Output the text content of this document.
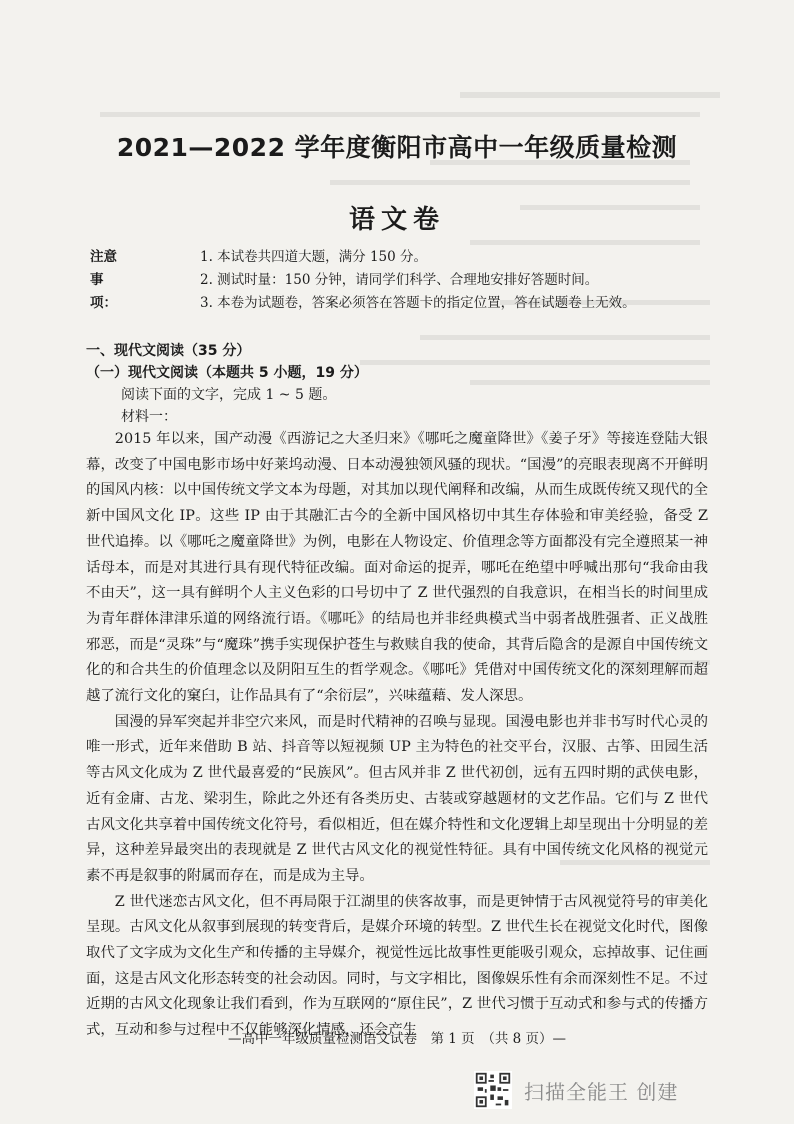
2021—2022 学年度衡阳市高中一年级质量检测
语文卷
注意事项：
1. 本试卷共四道大题，满分 150 分。
2. 测试时量：150 分钟，请同学们科学、合理地安排好答题时间。
3. 本卷为试题卷，答案必须答在答题卡的指定位置，答在试题卷上无效。
一、现代文阅读（35 分）
（一）现代文阅读（本题共 5 小题，19 分）
阅读下面的文字，完成 1 ~ 5 题。
材料一：

2015 年以来，国产动漫《西游记之大圣归来》《哪吒之魔童降世》《姜子牙》等接连登陆大银幕，改变了中国电影市场中好莱坞动漫、日本动漫独领风骚的现状。“国漫”的亮眼表现离不开鲜明的国风内核：以中国传统文学文本为母题，对其加以现代阐释和改编，从而生成既传统又现代的全新中国风文化 IP。这些 IP 由于其融汇古今的全新中国风格切中其生存体验和审美经验，备受 Z 世代追捧。以《哪吒之魔童降世》为例，电影在人物设定、价值理念等方面都没有完全遵照某一神话母本，而是对其进行具有现代特征改编。面对命运的捉弄，哪吒在绝望中呼喊出那句“我命由我不由天”，这一具有鲜明个人主义色彩的口号切中了 Z 世代强烈的自我意识，在相当长的时间里成为青年群体津津乐道的网络流行语。《哪吒》的结局也并非经典模式当中弱者战胜强者、正义战胜邪恶，而是“灵珠”与“魔珠”携手实现保护苍生与救赎自我的使命，其背后隐含的是源自中国传统文化的和合共生的价值理念以及阴阳互生的哲学观念。《哪吒》凭借对中国传统文化的深刻理解而超越了流行文化的窠臼，让作品具有了“余衍层”，兴味蕴藉、发人深思。

国漫的异军突起并非空穴来风，而是时代精神的召唤与显现。国漫电影也并非书写时代心灵的唯一形式，近年来借助 B 站、抖音等以短视频 UP 主为特色的社交平台，汉服、古筝、田园生活等古风文化成为 Z 世代最喜爱的“民族风”。但古风并非 Z 世代初创，远有五四时期的武侠电影，近有金庸、古龙、梁羽生，除此之外还有各类历史、古装或穿越题材的文艺作品。它们与 Z 世代古风文化共享着中国传统文化符号，看似相近，但在媒介特性和文化逻辑上却呈现出十分明显的差异，这种差异最突出的表现就是 Z 世代古风文化的视觉性特征。具有中国传统文化风格的视觉元素不再是叙事的附属而存在，而是成为主导。

Z 世代迷恋古风文化，但不再局限于江湖里的侠客故事，而是更钟情于古风视觉符号的审美化呈现。古风文化从叙事到展现的转变背后，是媒介环境的转型。Z 世代生长在视觉文化时代，图像取代了文字成为文化生产和传播的主导媒介，视觉性远比故事性更能吸引观众，忘掉故事、记住画面，这是古风文化形态转变的社会动因。同时，与文字相比，图像娱乐性有余而深刻性不足。不过近期的古风文化现象让我们看到，作为互联网的“原住民”，Z 世代习惯于互动式和参与式的传播方式，互动和参与过程中不仅能够深化情感，还会产生

—高中一年级质量检测语文试卷　第 1 页　（共 8 页）—
扫描全能王 创建
